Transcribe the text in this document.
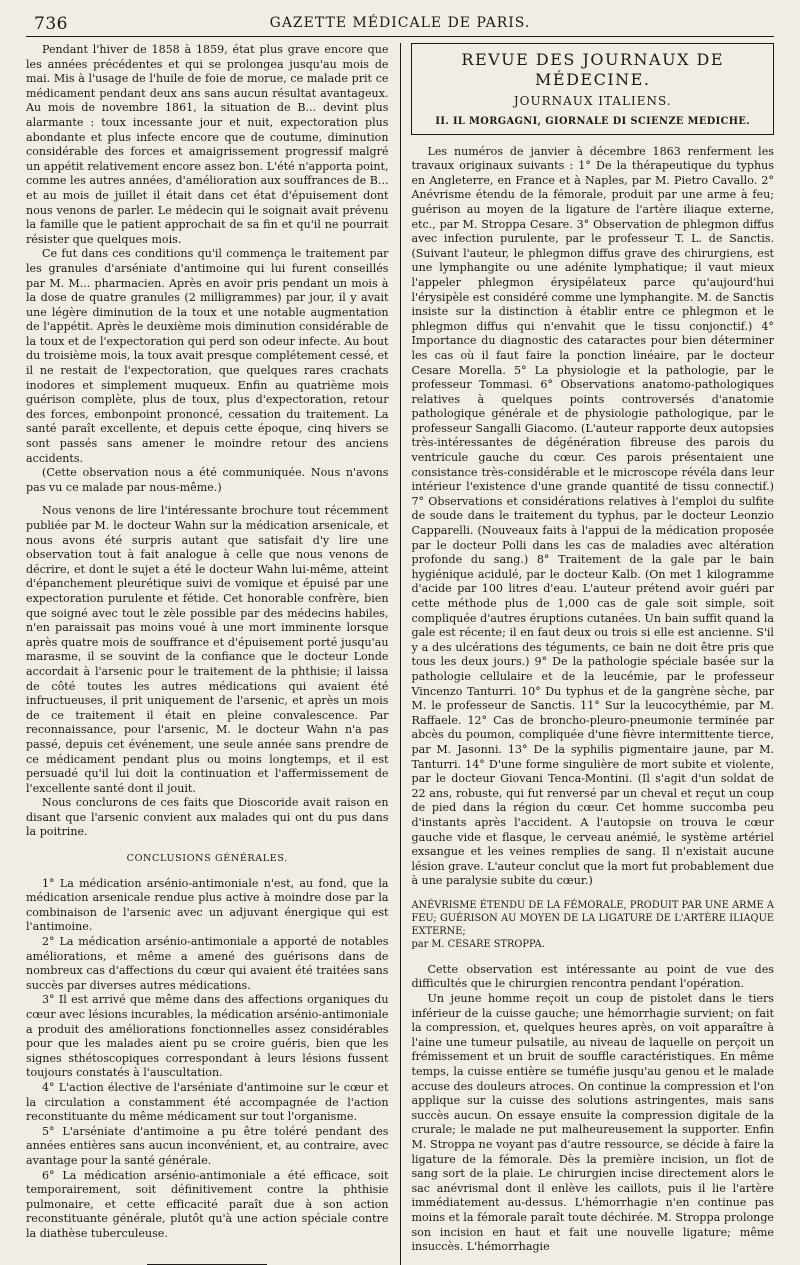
736	GAZETTE MÉDICALE DE PARIS.

Pendant l'hiver de 1858 à 1859, état plus grave encore que les années précédentes et qui se prolongea jusqu'au mois de mai. Mis à l'usage de l'huile de foie de morue, ce malade prit ce médicament pendant deux ans sans aucun résultat avantageux. Au mois de novembre 1861, la situation de B... devint plus alarmante : toux incessante jour et nuit, expectoration plus abondante et plus infecte encore que de coutume, diminution considérable des forces et amaigrissement progressif malgré un appétit relativement encore assez bon. L'été n'apporta point, comme les autres années, d'amélioration aux souffrances de B... et au mois de juillet il était dans cet état d'épuisement dont nous venons de parler. Le médecin qui le soignait avait prévenu la famille que le patient approchait de sa fin et qu'il ne pourrait résister que quelques mois.

Ce fut dans ces conditions qu'il commença le traitement par les granules d'arséniate d'antimoine qui lui furent conseillés par M. M... pharmacien. Après en avoir pris pendant un mois à la dose de quatre granules (2 milligrammes) par jour, il y avait une légère diminution de la toux et une notable augmentation de l'appétit. Après le deuxième mois diminution considérable de la toux et de l'expectoration qui perd son odeur infecte. Au bout du troisième mois, la toux avait presque complétement cessé, et il ne restait de l'expectoration, que quelques rares crachats inodores et simplement muqueux. Enfin au quatrième mois guérison complète, plus de toux, plus d'expectoration, retour des forces, embonpoint prononcé, cessation du traitement. La santé paraît excellente, et depuis cette époque, cinq hivers se sont passés sans amener le moindre retour des anciens accidents.

(Cette observation nous a été communiquée. Nous n'avons pas vu ce malade par nous-même.)

Nous venons de lire l'intéressante brochure tout récemment publiée par M. le docteur Wahn sur la médication arsenicale, et nous avons été surpris autant que satisfait d'y lire une observation tout à fait analogue à celle que nous venons de décrire, et dont le sujet a été le docteur Wahn lui-même, atteint d'épanchement pleurétique suivi de vomique et épuisé par une expectoration purulente et fétide. Cet honorable confrère, bien que soigné avec tout le zèle possible par des médecins habiles, n'en paraissait pas moins voué à une mort imminente lorsque après quatre mois de souffrance et d'épuisement porté jusqu'au marasme, il se souvint de la confiance que le docteur Londe accordait à l'arsenic pour le traitement de la phthisie; il laissa de côté toutes les autres médications qui avaient été infructueuses, il prit uniquement de l'arsenic, et après un mois de ce traitement il était en pleine convalescence. Par reconnaissance, pour l'arsenic, M. le docteur Wahn n'a pas passé, depuis cet événement, une seule année sans prendre de ce médicament pendant plus ou moins longtemps, et il est persuadé qu'il lui doit la continuation et l'affermissement de l'excellente santé dont il jouit.

Nous conclurons de ces faits que Dioscoride avait raison en disant que l'arsenic convient aux malades qui ont du pus dans la poitrine.

CONCLUSIONS GÉNÉRALES.

1° La médication arsénio-antimoniale n'est, au fond, que la médication arsenicale rendue plus active à moindre dose par la combinaison de l'arsenic avec un adjuvant énergique qui est l'antimoine.

2° La médication arsénio-antimoniale a apporté de notables améliorations, et même a amené des guérisons dans de nombreux cas d'affections du cœur qui avaient été traitées sans succès par diverses autres médications.

3° Il est arrivé que même dans des affections organiques du cœur avec lésions incurables, la médication arsénio-antimoniale a produit des améliorations fonctionnelles assez considérables pour que les malades aient pu se croire guéris, bien que les signes sthétoscopiques correspondant à leurs lésions fussent toujours constatés à l'auscultation.

4° L'action élective de l'arséniate d'antimoine sur le cœur et la circulation a constamment été accompagnée de l'action reconstituante du même médicament sur tout l'organisme.

5° L'arséniate d'antimoine a pu être toléré pendant des années entières sans aucun inconvénient, et, au contraire, avec avantage pour la santé générale.

6° La médication arsénio-antimoniale a été efficace, soit temporairement, soit définitivement contre la phthisie pulmonaire, et cette efficacité paraît due à son action reconstituante générale, plutôt qu'à une action spéciale contre la diathèse tuberculeuse.

REVUE DES JOURNAUX DE MÉDECINE.
JOURNAUX ITALIENS.
II. IL MORGAGNI, GIORNALE DI SCIENZE MEDICHE.

Les numéros de janvier à décembre 1863 renferment les travaux originaux suivants : 1° De la thérapeutique du typhus en Angleterre, en France et à Naples, par M. Pietro Cavallo. 2° Anévrisme étendu de la fémorale, produit par une arme à feu; guérison au moyen de la ligature de l'artère iliaque externe, etc., par M. Stroppa Cesare. 3° Observation de phlegmon diffus avec infection purulente, par le professeur T. L. de Sanctis. (Suivant l'auteur, le phlegmon diffus grave des chirurgiens, est une lymphangite ou une adénite lymphatique; il vaut mieux l'appeler phlegmon érysipélateux parce qu'aujourd'hui l'érysipèle est considéré comme une lymphangite. M. de Sanctis insiste sur la distinction à établir entre ce phlegmon et le phlegmon diffus qui n'envahit que le tissu conjonctif.) 4° Importance du diagnostic des cataractes pour bien déterminer les cas où il faut faire la ponction linéaire, par le docteur Cesare Morella. 5° La physiologie et la pathologie, par le professeur Tommasi. 6° Observations anatomo-pathologiques relatives à quelques points controversés d'anatomie pathologique générale et de physiologie pathologique, par le professeur Sangalli Giacomo. (L'auteur rapporte deux autopsies très-intéressantes de dégénération fibreuse des parois du ventricule gauche du cœur. Ces parois présentaient une consistance très-considérable et le microscope révéla dans leur intérieur l'existence d'une grande quantité de tissu connectif.) 7° Observations et considérations relatives à l'emploi du sulfite de soude dans le traitement du typhus, par le docteur Leonzio Capparelli. (Nouveaux faits à l'appui de la médication proposée par le docteur Polli dans les cas de maladies avec altération profonde du sang.) 8° Traitement de la gale par le bain hygiénique acidulé, par le docteur Kalb. (On met 1 kilogramme d'acide par 100 litres d'eau. L'auteur prétend avoir guéri par cette méthode plus de 1,000 cas de gale soit simple, soit compliquée d'autres éruptions cutanées. Un bain suffit quand la gale est récente; il en faut deux ou trois si elle est ancienne. S'il y a des ulcérations des téguments, ce bain ne doit être pris que tous les deux jours.) 9° De la pathologie spéciale basée sur la pathologie cellulaire et de la leucémie, par le professeur Vincenzo Tanturri. 10° Du typhus et de la gangrène sèche, par M. le professeur de Sanctis. 11° Sur la leucocythémie, par M. Raffaele. 12° Cas de broncho-pleuro-pneumonie terminée par abcès du poumon, compliquée d'une fièvre intermittente tierce, par M. Jasonni. 13° De la syphilis pigmentaire jaune, par M. Tanturri. 14° D'une forme singulière de mort subite et violente, par le docteur Giovani Tenca-Montini. (Il s'agit d'un soldat de 22 ans, robuste, qui fut renversé par un cheval et reçut un coup de pied dans la région du cœur. Cet homme succomba peu d'instants après l'accident. A l'autopsie on trouva le cœur gauche vide et flasque, le cerveau anémié, le système artériel exsangue et les veines remplies de sang. Il n'existait aucune lésion grave. L'auteur conclut que la mort fut probablement due à une paralysie subite du cœur.)

ANÉVRISME ÉTENDU DE LA FÉMORALE, PRODUIT PAR UNE ARME A FEU; GUÉRISON AU MOYEN DE LA LIGATURE DE L'ARTÈRE ILIAQUE EXTERNE;

par M. CESARE STROPPA.

Cette observation est intéressante au point de vue des difficultés que le chirurgien rencontra pendant l'opération.

Un jeune homme reçoit un coup de pistolet dans le tiers inférieur de la cuisse gauche; une hémorrhagie survient; on fait la compression, et, quelques heures après, on voit apparaître à l'aine une tumeur pulsatile, au niveau de laquelle on perçoit un frémissement et un bruit de souffle caractéristiques. En même temps, la cuisse entière se tuméfie jusqu'au genou et le malade accuse des douleurs atroces. On continue la compression et l'on applique sur la cuisse des solutions astringentes, mais sans succès aucun. On essaye ensuite la compression digitale de la crurale; le malade ne put malheureusement la supporter. Enfin M. Stroppa ne voyant pas d'autre ressource, se décide à faire la ligature de la fémorale. Dès la première incision, un flot de sang sort de la plaie. Le chirurgien incise directement alors le sac anévrismal dont il enlève les caillots, puis il lie l'artère immédiatement au-dessus. L'hémorrhagie n'en continue pas moins et la fémorale paraît toute déchirée. M. Stroppa prolonge son incision en haut et fait une nouvelle ligature; même insuccès. L'hémorrhagie
